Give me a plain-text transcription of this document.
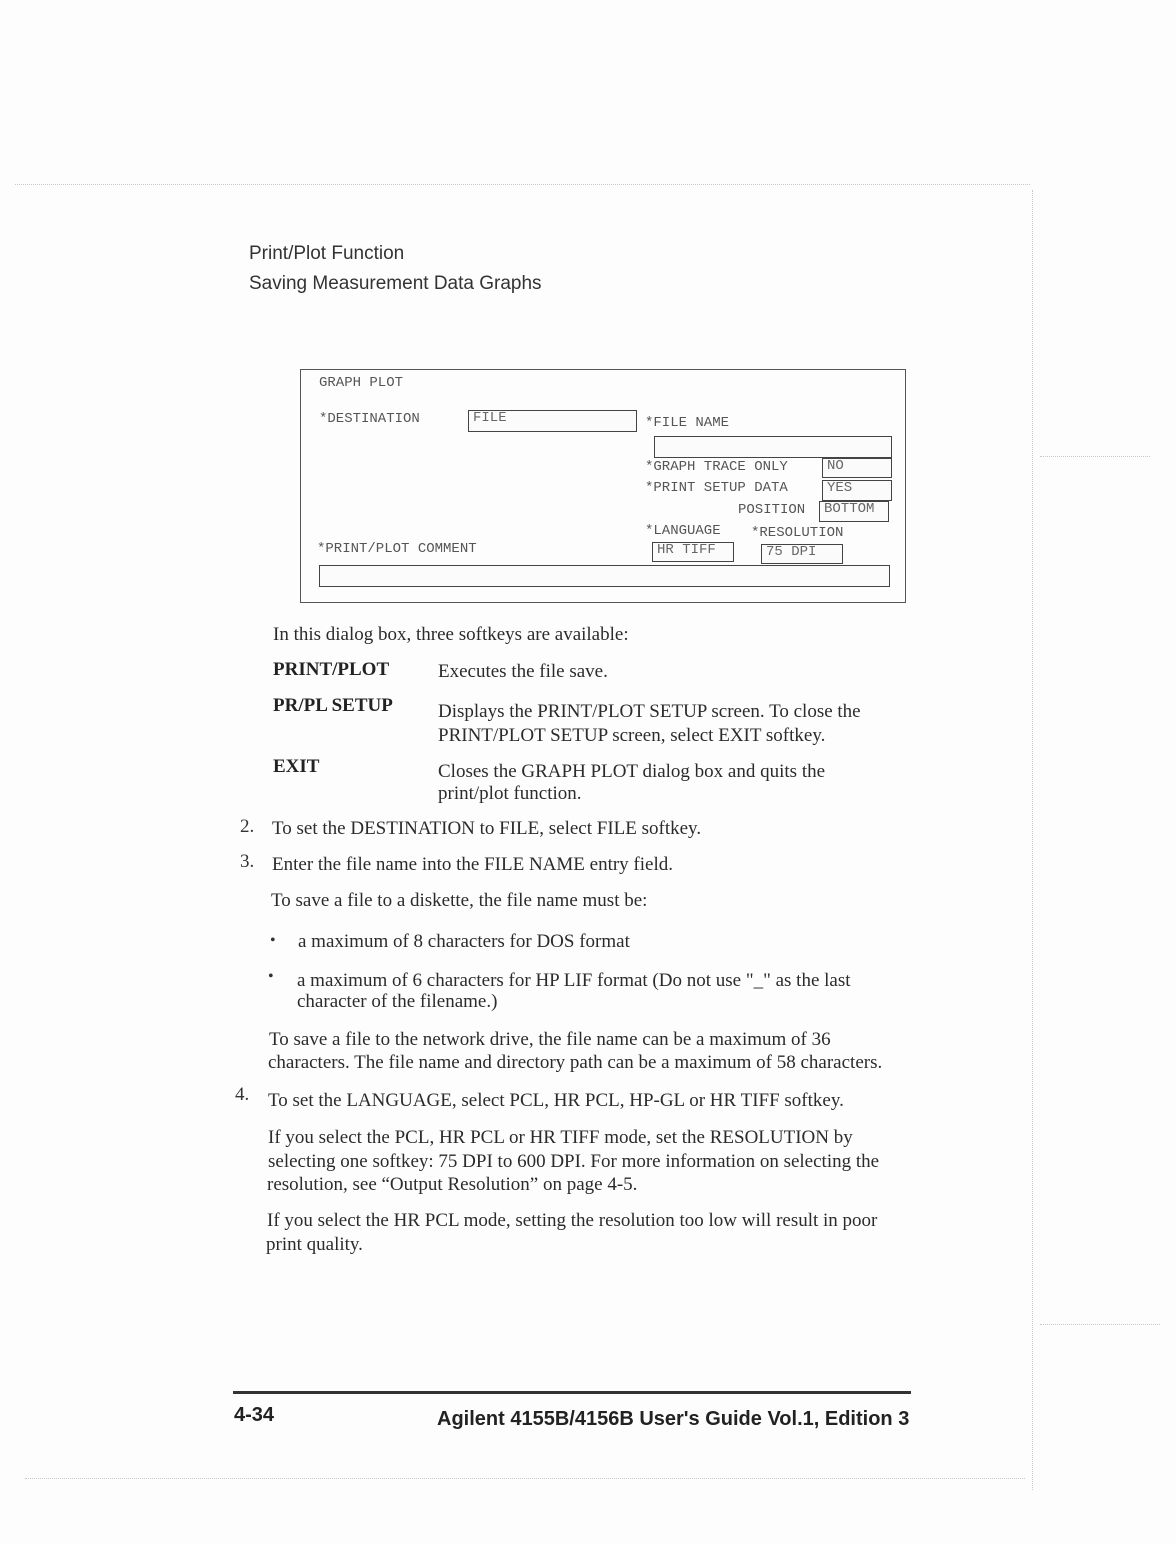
Print/Plot Function
Saving Measurement Data Graphs
GRAPH PLOT
*DESTINATION	FILE	*FILE NAME
*GRAPH TRACE ONLY	NO
*PRINT SETUP DATA	YES
POSITION	BOTTOM
*LANGUAGE *RESOLUTION
HR TIFF	75 DPI
*PRINT/PLOT COMMENT
In this dialog box, three softkeys are available:
PRINT/PLOT	Executes the file save.
PR/PL SETUP Displays the PRINT/PLOT SETUP screen. To close the
PRINT/PLOT SETUP screen, select EXIT softkey.
EXIT	Closes the GRAPH PLOT dialog box and quits the
print/plot function.
2. To set the DESTINATION to FILE, select FILE softkey.
3. Enter the file name into the FILE NAME entry field.
To save a file to a diskette, the file name must be:
• a maximum of 8 characters for DOS format
• a maximum of 6 characters for HP LIF format (Do not use "_" as the last
character of the filename.)
To save a file to the network drive, the file name can be a maximum of 36
characters. The file name and directory path can be a maximum of 58 characters.
4. To set the LANGUAGE, select PCL, HR PCL, HP-GL or HR TIFF softkey.
If you select the PCL, HR PCL or HR TIFF mode, set the RESOLUTION by
selecting one softkey: 75 DPI to 600 DPI. For more information on selecting the
resolution, see “Output Resolution” on page 4-5.
If you select the HR PCL mode, setting the resolution too low will result in poor
print quality.
4-34	Agilent 4155B/4156B User's Guide Vol.1, Edition 3
